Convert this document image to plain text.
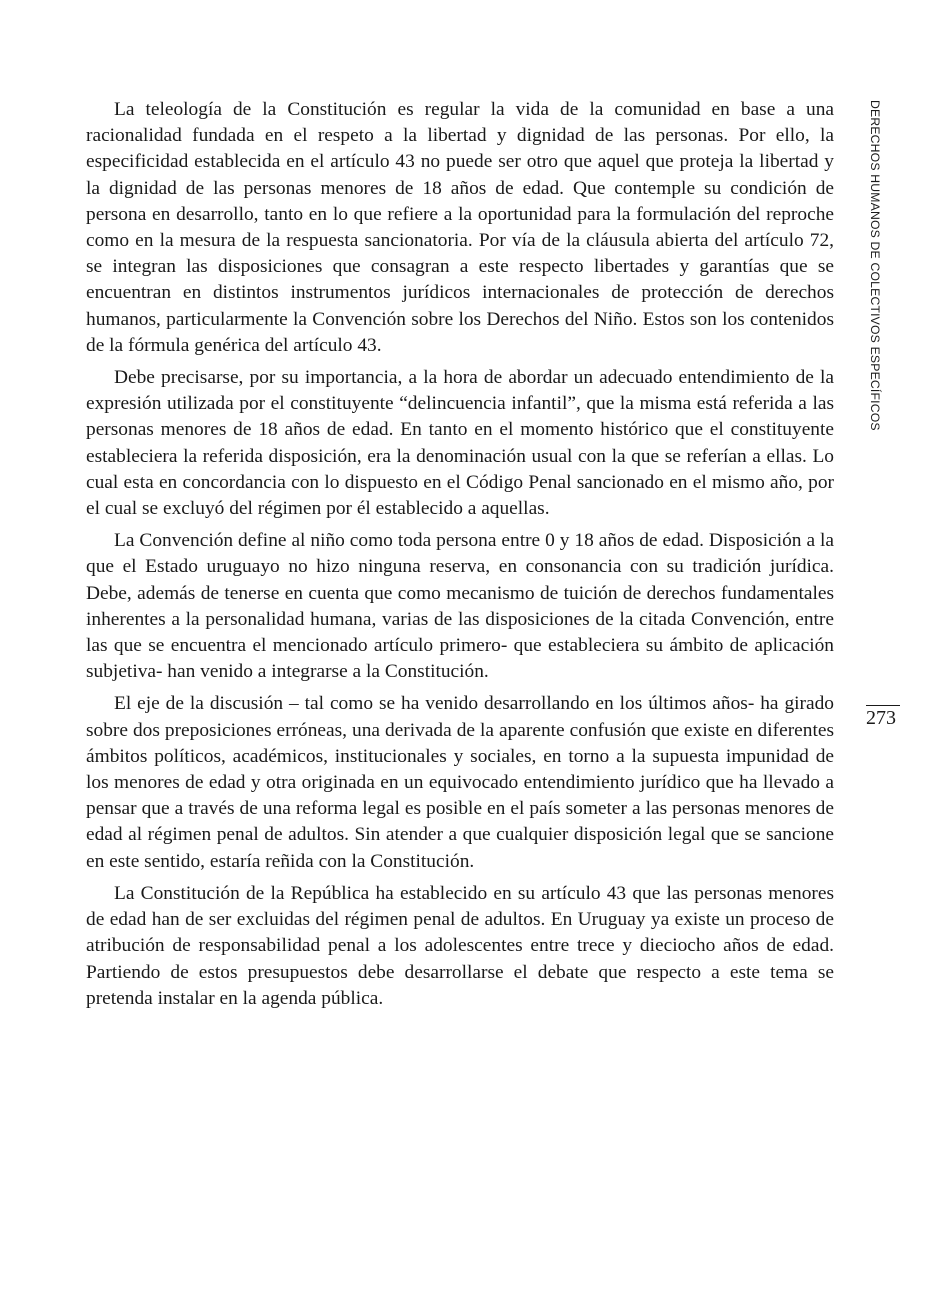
La teleología de la Constitución es regular la vida de la comunidad en base a una racionalidad fundada en el respeto a la libertad y dignidad de las personas. Por ello, la especificidad establecida en el artículo 43 no puede ser otro que aquel que proteja la libertad y la dignidad de las personas menores de 18 años de edad. Que contemple su condición de persona en desarrollo, tanto en lo que refiere a la oportunidad para la formulación del reproche como en la mesura de la respuesta sancionatoria. Por vía de la cláusula abierta del artículo 72, se integran las disposiciones que consagran a este respecto libertades y garantías que se encuentran en distintos instrumentos jurídicos internacionales de protección de derechos humanos, particularmente la Convención sobre los Derechos del Niño. Estos son los contenidos de la fórmula genérica del artículo 43.

Debe precisarse, por su importancia, a la hora de abordar un adecuado entendimiento de la expresión utilizada por el constituyente “delincuencia infantil”, que la misma está referida a las personas menores de 18 años de edad. En tanto en el momento histórico que el constituyente estableciera la referida disposición, era la denominación usual con la que se referían a ellas. Lo cual esta en concordancia con lo dispuesto en el Código Penal sancionado en el mismo año, por el cual se excluyó del régimen por él establecido a aquellas.

La Convención define al niño como toda persona entre 0 y 18 años de edad. Disposición a la que el Estado uruguayo no hizo ninguna reserva, en consonancia con su tradición jurídica. Debe, además de tenerse en cuenta que como mecanismo de tuición de derechos fundamentales inherentes a la personalidad humana, varias de las disposiciones de la citada Convención, entre las que se encuentra el mencionado artículo primero- que estableciera su ámbito de aplicación subjetiva- han venido a integrarse a la Constitución.

El eje de la discusión – tal como se ha venido desarrollando en los últimos años- ha girado sobre dos preposiciones erróneas, una derivada de la aparente confusión que existe en diferentes ámbitos políticos, académicos, institucionales y sociales, en torno a la supuesta impunidad de los menores de edad y otra originada en un equivocado entendimiento jurídico que ha llevado a pensar que a través de una reforma legal es posible en el país someter a las personas menores de edad al régimen penal de adultos. Sin atender a que cualquier disposición legal que se sancione en este sentido, estaría reñida con la Constitución.

La Constitución de la República ha establecido en su artículo 43 que las personas menores de edad han de ser excluidas del régimen penal de adultos. En Uruguay ya existe un proceso de atribución de responsabilidad penal a los adolescentes entre trece y dieciocho años de edad. Partiendo de estos presupuestos debe desarrollarse el debate que respecto a este tema se pretenda instalar en la agenda pública.

DERECHOS HUMANOS DE COLECTIVOS ESPECÍFICOS
273
